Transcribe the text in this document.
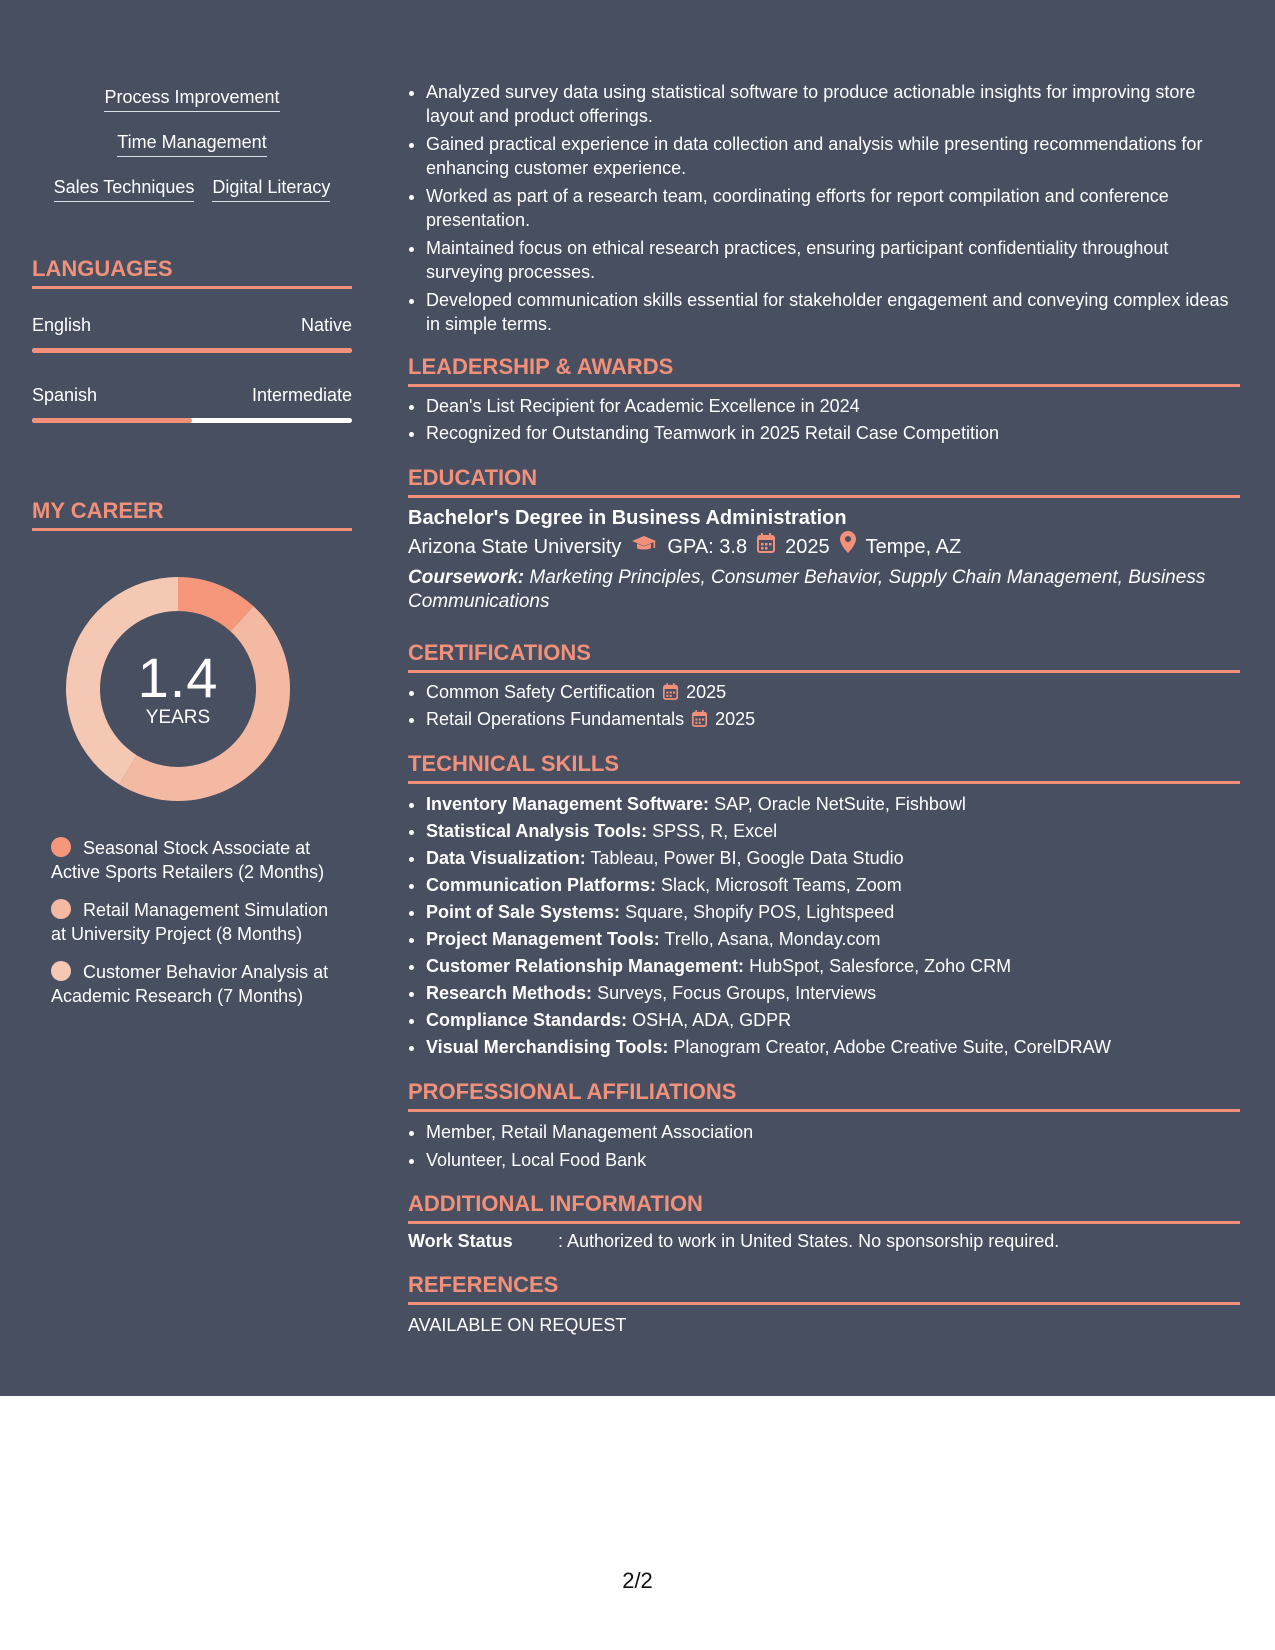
Process Improvement
Time Management
Sales Techniques Digital Literacy
LANGUAGES
English	Native
Spanish	Intermediate
MY CAREER
1.4
YEARS
Seasonal Stock Associate at Active Sports Retailers (2 Months)
Retail Management Simulation at University Project (8 Months)
Customer Behavior Analysis at Academic Research (7 Months)
• Analyzed survey data using statistical software to produce actionable insights for improving store layout and product offerings.
• Gained practical experience in data collection and analysis while presenting recommendations for enhancing customer experience.
• Worked as part of a research team, coordinating efforts for report compilation and conference presentation.
• Maintained focus on ethical research practices, ensuring participant confidentiality throughout surveying processes.
• Developed communication skills essential for stakeholder engagement and conveying complex ideas in simple terms.
LEADERSHIP & AWARDS
• Dean's List Recipient for Academic Excellence in 2024
• Recognized for Outstanding Teamwork in 2025 Retail Case Competition
EDUCATION
Bachelor's Degree in Business Administration
Arizona State University GPA: 3.8 2025 Tempe, AZ
Coursework: Marketing Principles, Consumer Behavior, Supply Chain Management, Business Communications
CERTIFICATIONS
• Common Safety Certification 2025
• Retail Operations Fundamentals 2025
TECHNICAL SKILLS
• Inventory Management Software: SAP, Oracle NetSuite, Fishbowl
• Statistical Analysis Tools: SPSS, R, Excel
• Data Visualization: Tableau, Power BI, Google Data Studio
• Communication Platforms: Slack, Microsoft Teams, Zoom
• Point of Sale Systems: Square, Shopify POS, Lightspeed
• Project Management Tools: Trello, Asana, Monday.com
• Customer Relationship Management: HubSpot, Salesforce, Zoho CRM
• Research Methods: Surveys, Focus Groups, Interviews
• Compliance Standards: OSHA, ADA, GDPR
• Visual Merchandising Tools: Planogram Creator, Adobe Creative Suite, CorelDRAW
PROFESSIONAL AFFILIATIONS
• Member, Retail Management Association
• Volunteer, Local Food Bank
ADDITIONAL INFORMATION
Work Status	: Authorized to work in United States. No sponsorship required.
REFERENCES
AVAILABLE ON REQUEST
2/2
